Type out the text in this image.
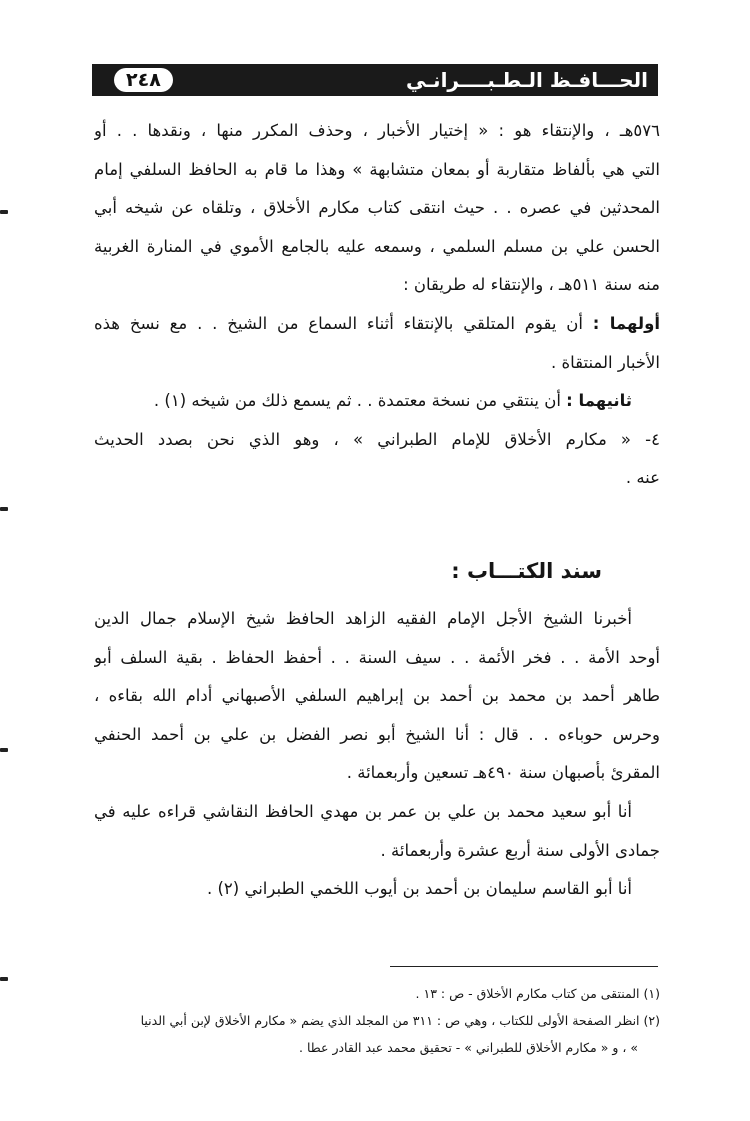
الحـــافـظ الـطـبــــرانـي
٢٤٨
٥٧٦هـ ، والإنتقاء هو : « إختيار الأخبار ، وحذف المكرر منها ، ونقدها . . أو
التي هي بألفاظ متقاربة أو بمعان متشابهة » وهذا ما قام به الحافظ السلفي إمام
المحدثين في عصره . . حيث انتقى كتاب مكارم الأخلاق ، وتلقاه عن شيخه أبي
الحسن علي بن مسلم السلمي ، وسمعه عليه بالجامع الأموي في المنارة الغربية
منه سنة ٥١١هـ ، والإنتقاء له طريقان :
أولهما : أن يقوم المتلقي بالإنتقاء أثناء السماع من الشيخ . . مع نسخ هذه
الأخبار المنتقاة .
ثانيهما : أن ينتقي من نسخة معتمدة . . ثم يسمع ذلك من شيخه (١) .
٤- « مكارم الأخلاق للإمام الطبراني » ، وهو الذي نحن بصدد الحديث
عنه .
سند الكتـــاب :
أخبرنا الشيخ الأجل الإمام الفقيه الزاهد الحافظ شيخ الإسلام جمال الدين
أوحد الأمة . . فخر الأئمة . . سيف السنة . . أحفظ الحفاظ . بقية السلف أبو
طاهر أحمد بن محمد بن أحمد بن إبراهيم السلفي الأصبهاني أدام الله بقاءه ،
وحرس حوباءه . . قال : أنا الشيخ أبو نصر الفضل بن علي بن أحمد الحنفي
المقرئ بأصبهان سنة ٤٩٠هـ تسعين وأربعمائة .
أنا أبو سعيد محمد بن علي بن عمر بن مهدي الحافظ النقاشي قراءه عليه في
جمادى الأولى سنة أربع عشرة وأربعمائة .
أنا أبو القاسم سليمان بن أحمد بن أيوب اللخمي الطبراني (٢) .
(١) المنتقى من كتاب مكارم الأخلاق - ص : ١٣ .
(٢) انظر الصفحة الأولى للكتاب ، وهي ص : ٣١١ من المجلد الذي يضم « مكارم الأخلاق لإبن أبي الدنيا
» ، و « مكارم الأخلاق للطبراني » - تحقيق محمد عبد القادر عطا .
